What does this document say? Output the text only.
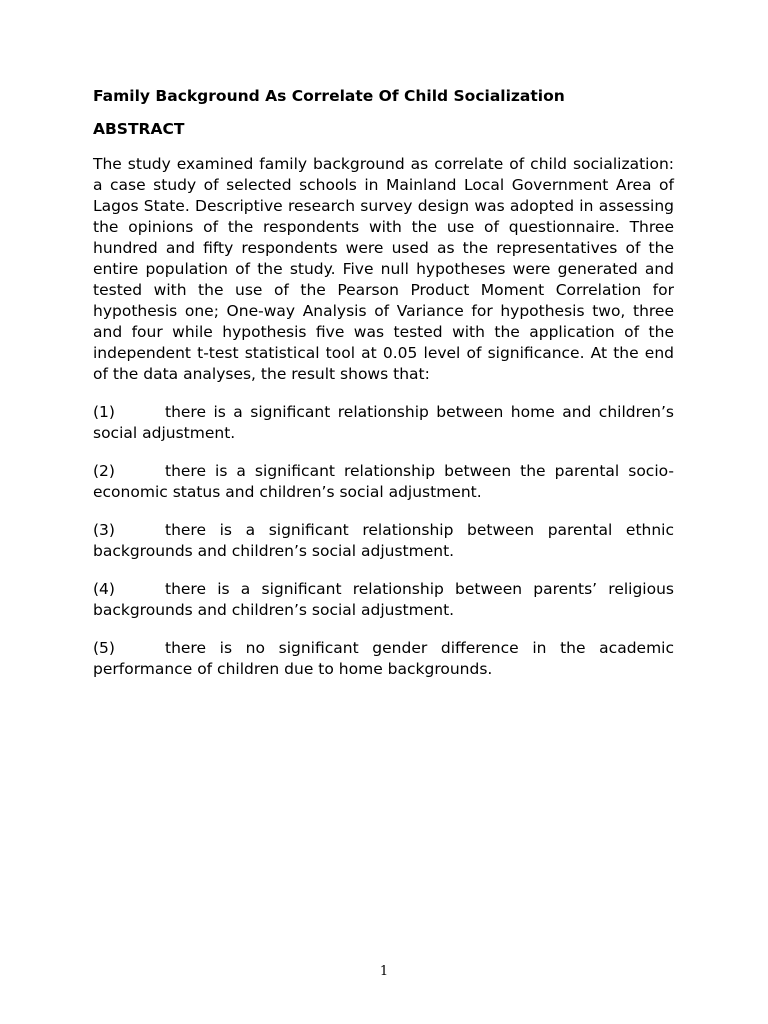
Family Background As Correlate Of Child Socialization
ABSTRACT
The study examined family background as correlate of child socialization: a case study of selected schools in Mainland Local Government Area of Lagos State. Descriptive research survey design was adopted in assessing the opinions of the respondents with the use of questionnaire. Three hundred and fifty respondents were used as the representatives of the entire population of the study. Five null hypotheses were generated and tested with the use of the Pearson Product Moment Correlation for hypothesis one; One-way Analysis of Variance for hypothesis two, three and four while hypothesis five was tested with the application of the independent t-test statistical tool at 0.05 level of significance. At the end of the data analyses, the result shows that:
(1)	there is a significant relationship between home and children’s social adjustment.
(2)	there is a significant relationship between the parental socio-economic status and children’s social adjustment.
(3)	there is a significant relationship between parental ethnic backgrounds and children’s social adjustment.
(4)	there is a significant relationship between parents’ religious backgrounds and children’s social adjustment.
(5)	there is no significant gender difference in the academic performance of children due to home backgrounds.
1
